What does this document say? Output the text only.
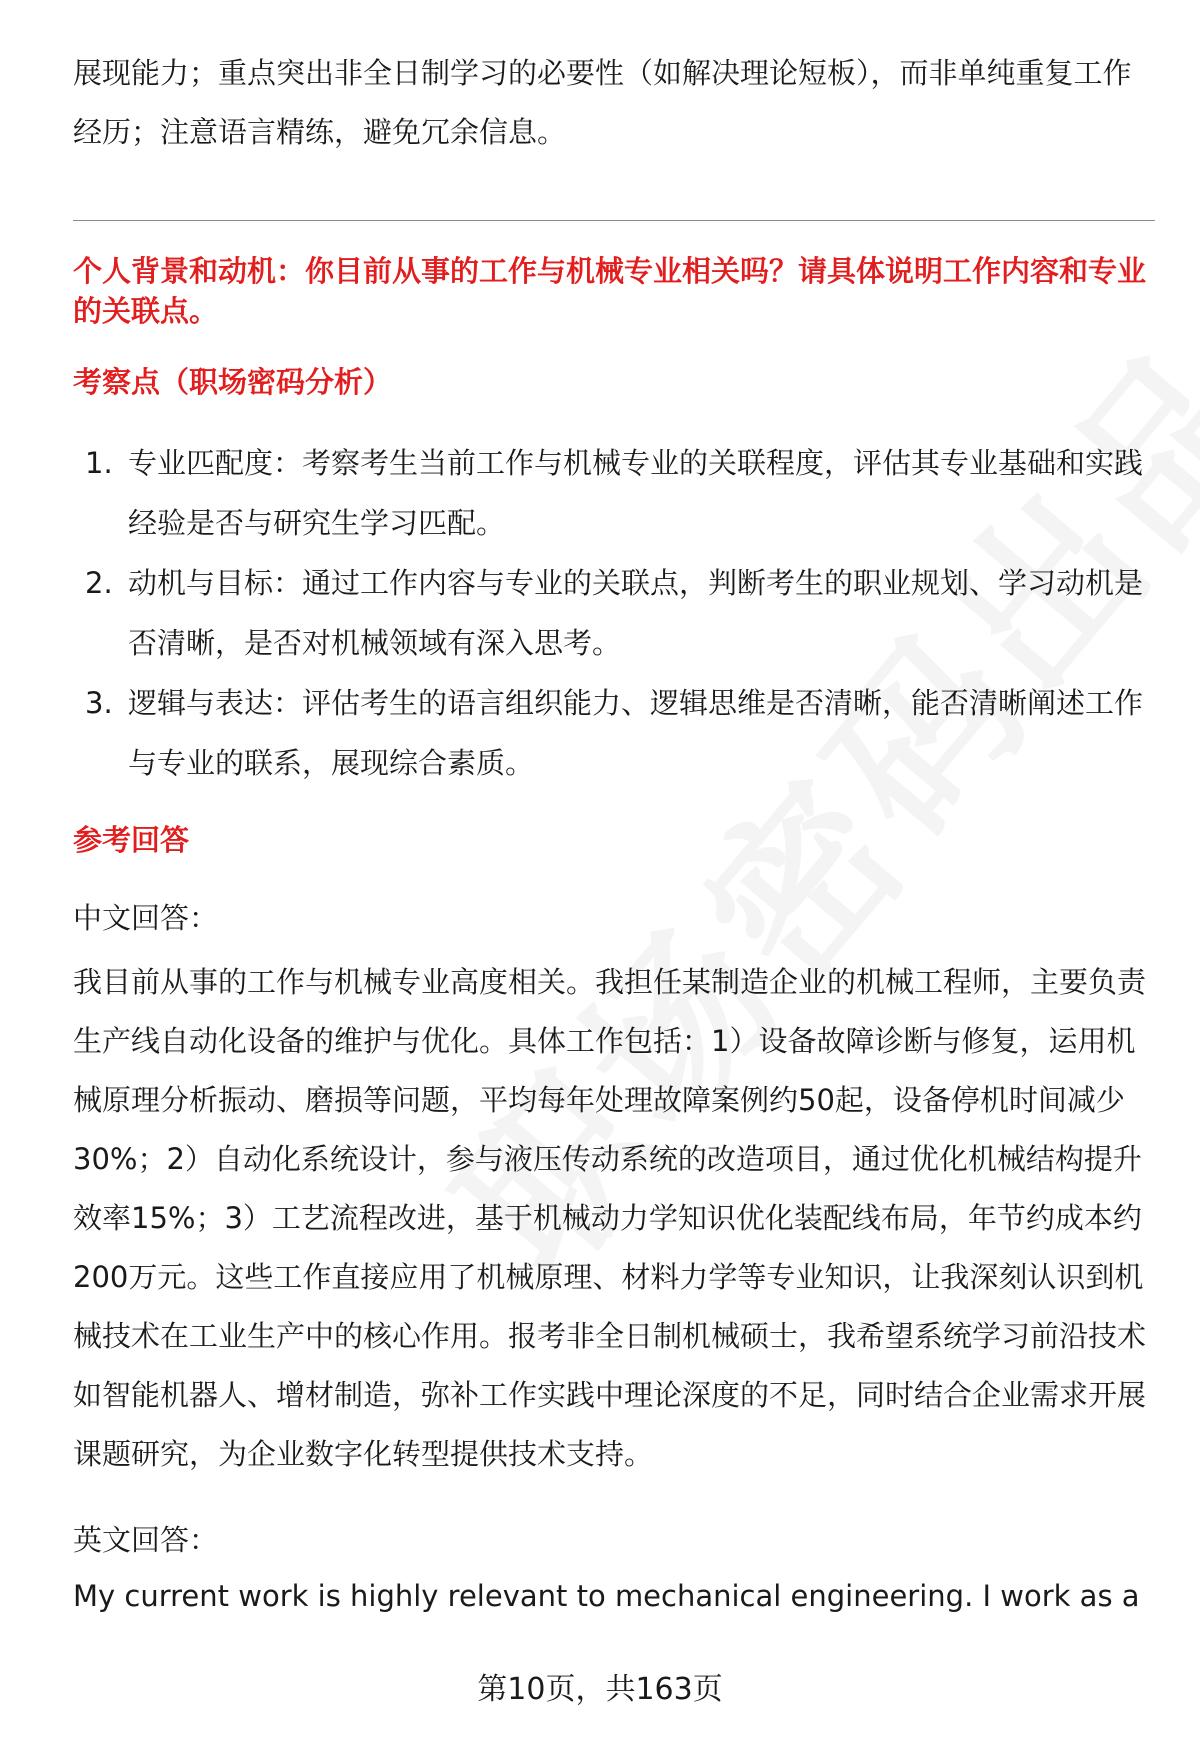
展现能力；重点突出非全日制学习的必要性（如解决理论短板），而非单纯重复工作经历；注意语言精练，避免冗余信息。

个人背景和动机：你目前从事的工作与机械专业相关吗？请具体说明工作内容和专业的关联点。

考察点（职场密码分析）

1. 专业匹配度：考察考生当前工作与机械专业的关联程度，评估其专业基础和实践经验是否与研究生学习匹配。
2. 动机与目标：通过工作内容与专业的关联点，判断考生的职业规划、学习动机是否清晰，是否对机械领域有深入思考。
3. 逻辑与表达：评估考生的语言组织能力、逻辑思维是否清晰，能否清晰阐述工作与专业的联系，展现综合素质。

参考回答

中文回答：

我目前从事的工作与机械专业高度相关。我担任某制造企业的机械工程师，主要负责生产线自动化设备的维护与优化。具体工作包括：1）设备故障诊断与修复，运用机械原理分析振动、磨损等问题，平均每年处理故障案例约50起，设备停机时间减少30%；2）自动化系统设计，参与液压传动系统的改造项目，通过优化机械结构提升效率15%；3）工艺流程改进，基于机械动力学知识优化装配线布局，年节约成本约200万元。这些工作直接应用了机械原理、材料力学等专业知识，让我深刻认识到机械技术在工业生产中的核心作用。报考非全日制机械硕士，我希望系统学习前沿技术如智能机器人、增材制造，弥补工作实践中理论深度的不足，同时结合企业需求开展课题研究，为企业数字化转型提供技术支持。

英文回答：

My current work is highly relevant to mechanical engineering. I work as a

第10页，共163页
